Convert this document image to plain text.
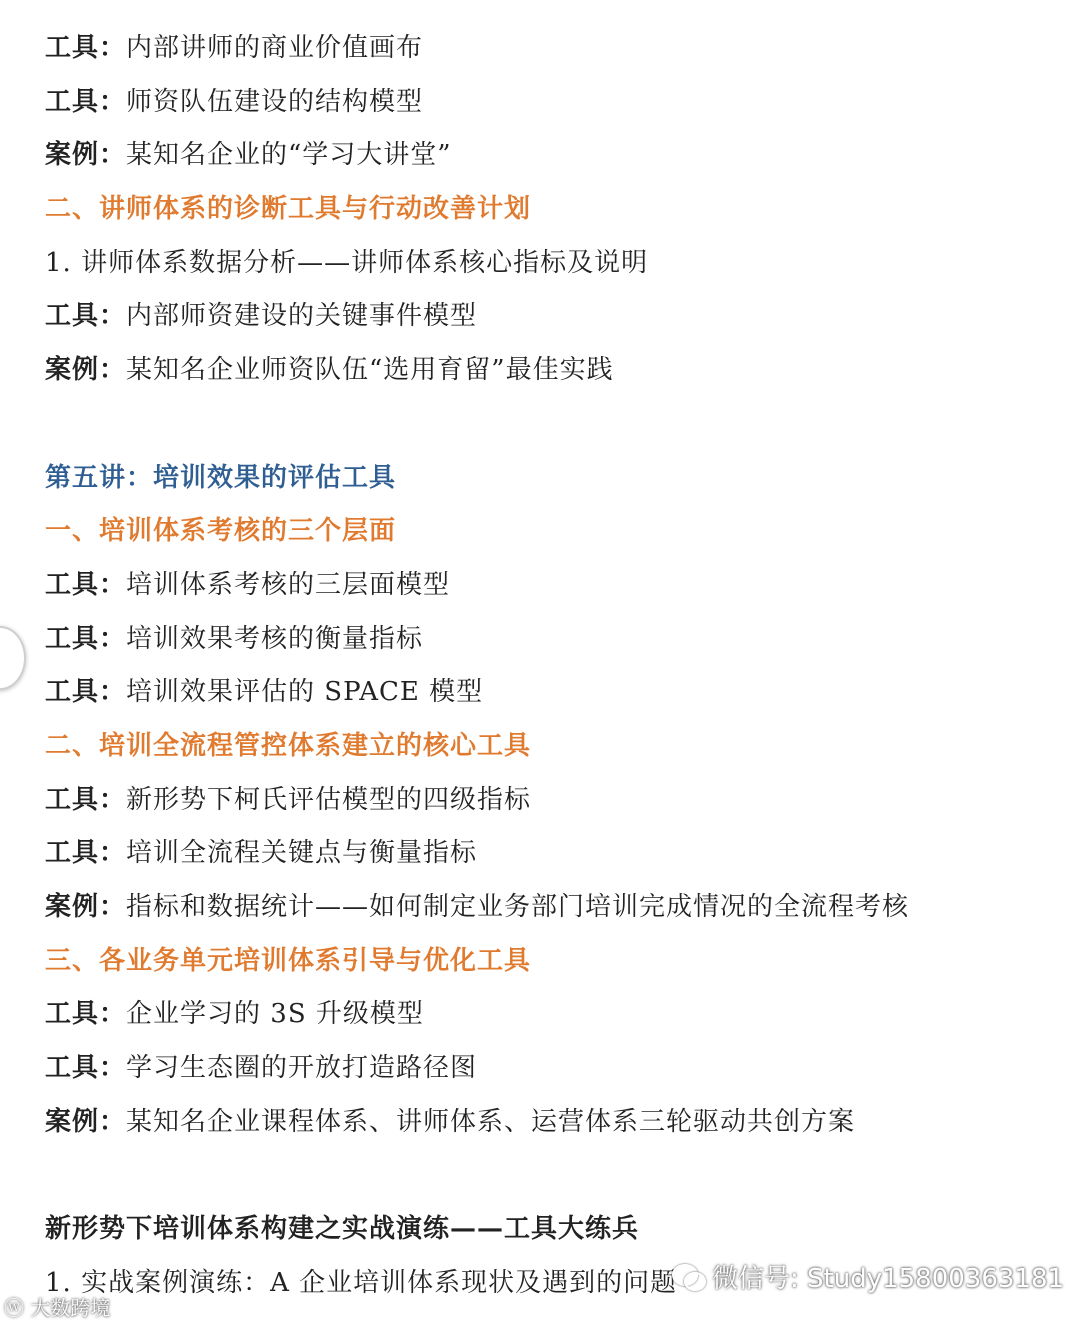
工具：内部讲师的商业价值画布
工具：师资队伍建设的结构模型
案例：某知名企业的“学习大讲堂”
二、讲师体系的诊断工具与行动改善计划
1. 讲师体系数据分析——讲师体系核心指标及说明
工具：内部师资建设的关键事件模型
案例：某知名企业师资队伍“选用育留”最佳实践
第五讲：培训效果的评估工具
一、培训体系考核的三个层面
工具：培训体系考核的三层面模型
工具：培训效果考核的衡量指标
工具：培训效果评估的 SPACE 模型
二、培训全流程管控体系建立的核心工具
工具：新形势下柯氏评估模型的四级指标
工具：培训全流程关键点与衡量指标
案例：指标和数据统计——如何制定业务部门培训完成情况的全流程考核
三、各业务单元培训体系引导与优化工具
工具：企业学习的 3S 升级模型
工具：学习生态圈的开放打造路径图
案例：某知名企业课程体系、讲师体系、运营体系三轮驱动共创方案
新形势下培训体系构建之实战演练——工具大练兵
1. 实战案例演练：A 企业培训体系现状及遇到的问题	微信号: Study15800363181
ⓦ 大数跨境
